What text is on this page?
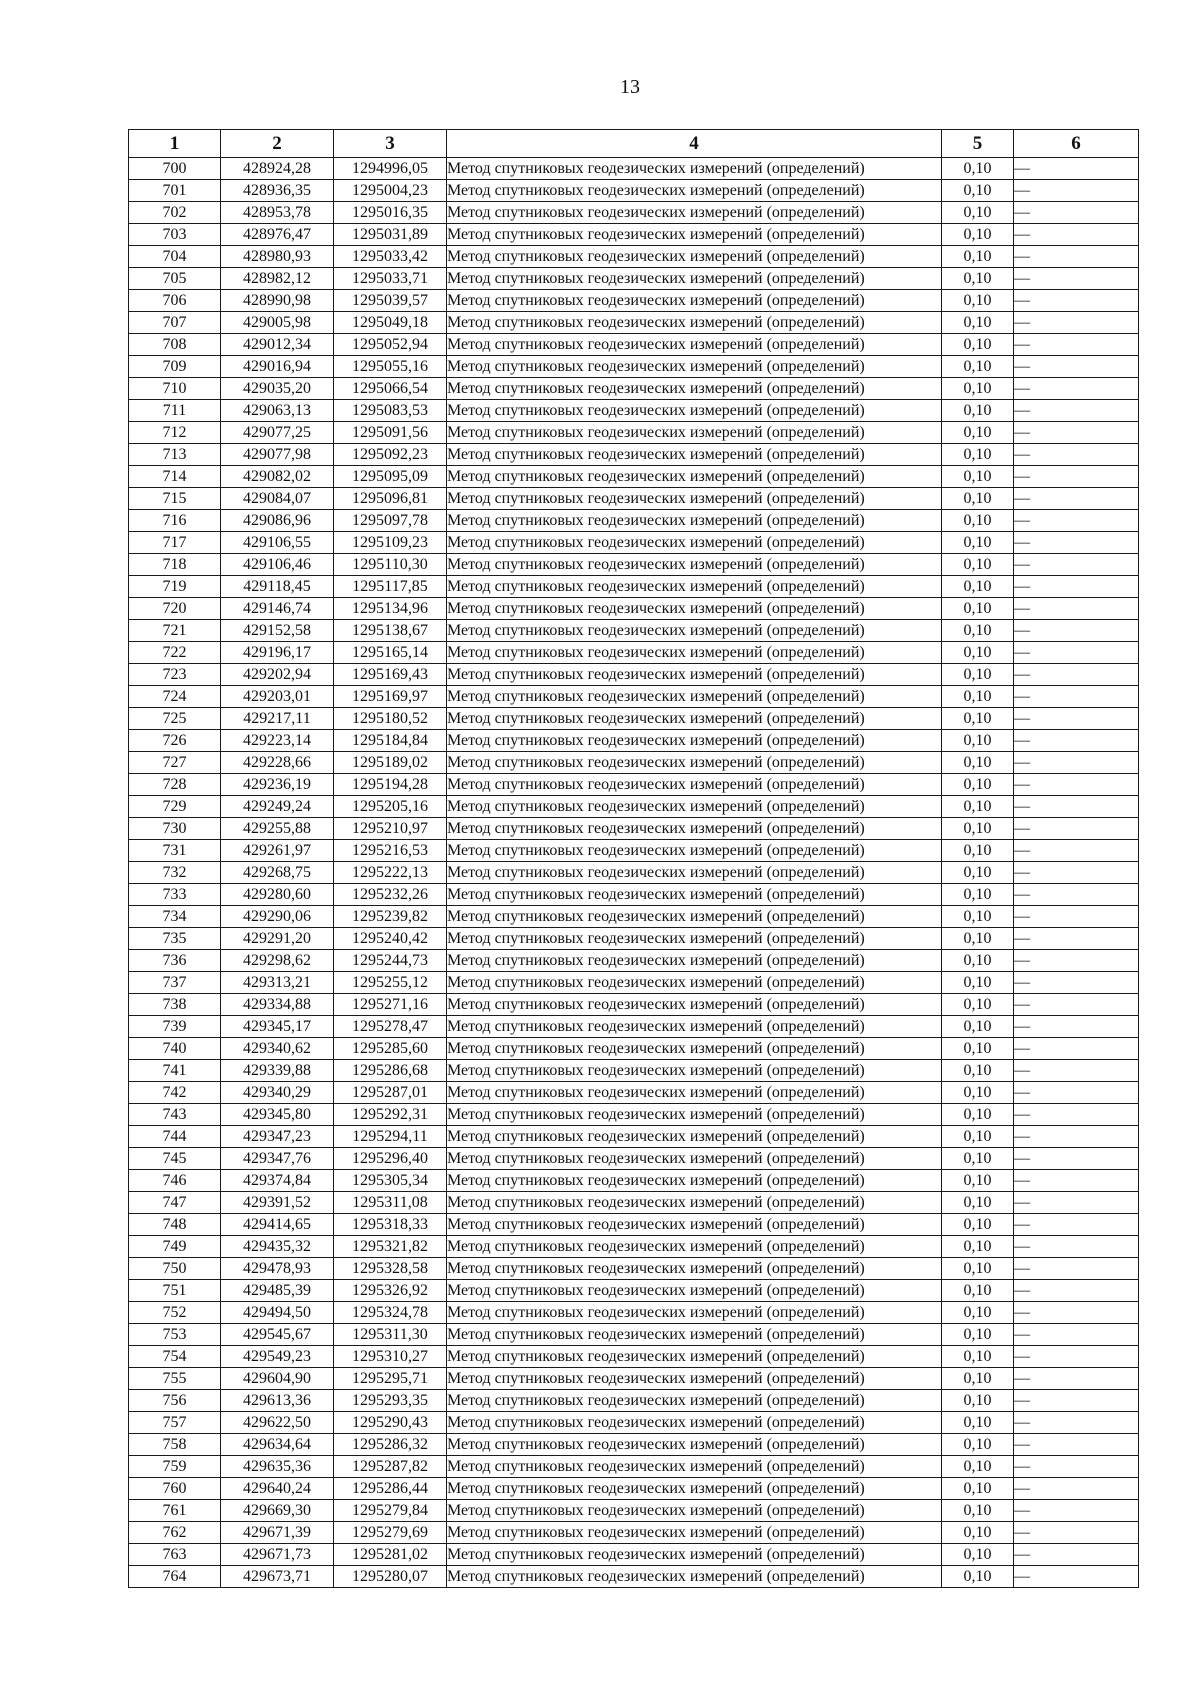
13
1	2	3	4	5	6
700	428924,28	1294996,05	Метод спутниковых геодезических измерений (определений)	0,10	—
701	428936,35	1295004,23	Метод спутниковых геодезических измерений (определений)	0,10	—
702	428953,78	1295016,35	Метод спутниковых геодезических измерений (определений)	0,10	—
703	428976,47	1295031,89	Метод спутниковых геодезических измерений (определений)	0,10	—
704	428980,93	1295033,42	Метод спутниковых геодезических измерений (определений)	0,10	—
705	428982,12	1295033,71	Метод спутниковых геодезических измерений (определений)	0,10	—
706	428990,98	1295039,57	Метод спутниковых геодезических измерений (определений)	0,10	—
707	429005,98	1295049,18	Метод спутниковых геодезических измерений (определений)	0,10	—
708	429012,34	1295052,94	Метод спутниковых геодезических измерений (определений)	0,10	—
709	429016,94	1295055,16	Метод спутниковых геодезических измерений (определений)	0,10	—
710	429035,20	1295066,54	Метод спутниковых геодезических измерений (определений)	0,10	—
711	429063,13	1295083,53	Метод спутниковых геодезических измерений (определений)	0,10	—
712	429077,25	1295091,56	Метод спутниковых геодезических измерений (определений)	0,10	—
713	429077,98	1295092,23	Метод спутниковых геодезических измерений (определений)	0,10	—
714	429082,02	1295095,09	Метод спутниковых геодезических измерений (определений)	0,10	—
715	429084,07	1295096,81	Метод спутниковых геодезических измерений (определений)	0,10	—
716	429086,96	1295097,78	Метод спутниковых геодезических измерений (определений)	0,10	—
717	429106,55	1295109,23	Метод спутниковых геодезических измерений (определений)	0,10	—
718	429106,46	1295110,30	Метод спутниковых геодезических измерений (определений)	0,10	—
719	429118,45	1295117,85	Метод спутниковых геодезических измерений (определений)	0,10	—
720	429146,74	1295134,96	Метод спутниковых геодезических измерений (определений)	0,10	—
721	429152,58	1295138,67	Метод спутниковых геодезических измерений (определений)	0,10	—
722	429196,17	1295165,14	Метод спутниковых геодезических измерений (определений)	0,10	—
723	429202,94	1295169,43	Метод спутниковых геодезических измерений (определений)	0,10	—
724	429203,01	1295169,97	Метод спутниковых геодезических измерений (определений)	0,10	—
725	429217,11	1295180,52	Метод спутниковых геодезических измерений (определений)	0,10	—
726	429223,14	1295184,84	Метод спутниковых геодезических измерений (определений)	0,10	—
727	429228,66	1295189,02	Метод спутниковых геодезических измерений (определений)	0,10	—
728	429236,19	1295194,28	Метод спутниковых геодезических измерений (определений)	0,10	—
729	429249,24	1295205,16	Метод спутниковых геодезических измерений (определений)	0,10	—
730	429255,88	1295210,97	Метод спутниковых геодезических измерений (определений)	0,10	—
731	429261,97	1295216,53	Метод спутниковых геодезических измерений (определений)	0,10	—
732	429268,75	1295222,13	Метод спутниковых геодезических измерений (определений)	0,10	—
733	429280,60	1295232,26	Метод спутниковых геодезических измерений (определений)	0,10	—
734	429290,06	1295239,82	Метод спутниковых геодезических измерений (определений)	0,10	—
735	429291,20	1295240,42	Метод спутниковых геодезических измерений (определений)	0,10	—
736	429298,62	1295244,73	Метод спутниковых геодезических измерений (определений)	0,10	—
737	429313,21	1295255,12	Метод спутниковых геодезических измерений (определений)	0,10	—
738	429334,88	1295271,16	Метод спутниковых геодезических измерений (определений)	0,10	—
739	429345,17	1295278,47	Метод спутниковых геодезических измерений (определений)	0,10	—
740	429340,62	1295285,60	Метод спутниковых геодезических измерений (определений)	0,10	—
741	429339,88	1295286,68	Метод спутниковых геодезических измерений (определений)	0,10	—
742	429340,29	1295287,01	Метод спутниковых геодезических измерений (определений)	0,10	—
743	429345,80	1295292,31	Метод спутниковых геодезических измерений (определений)	0,10	—
744	429347,23	1295294,11	Метод спутниковых геодезических измерений (определений)	0,10	—
745	429347,76	1295296,40	Метод спутниковых геодезических измерений (определений)	0,10	—
746	429374,84	1295305,34	Метод спутниковых геодезических измерений (определений)	0,10	—
747	429391,52	1295311,08	Метод спутниковых геодезических измерений (определений)	0,10	—
748	429414,65	1295318,33	Метод спутниковых геодезических измерений (определений)	0,10	—
749	429435,32	1295321,82	Метод спутниковых геодезических измерений (определений)	0,10	—
750	429478,93	1295328,58	Метод спутниковых геодезических измерений (определений)	0,10	—
751	429485,39	1295326,92	Метод спутниковых геодезических измерений (определений)	0,10	—
752	429494,50	1295324,78	Метод спутниковых геодезических измерений (определений)	0,10	—
753	429545,67	1295311,30	Метод спутниковых геодезических измерений (определений)	0,10	—
754	429549,23	1295310,27	Метод спутниковых геодезических измерений (определений)	0,10	—
755	429604,90	1295295,71	Метод спутниковых геодезических измерений (определений)	0,10	—
756	429613,36	1295293,35	Метод спутниковых геодезических измерений (определений)	0,10	—
757	429622,50	1295290,43	Метод спутниковых геодезических измерений (определений)	0,10	—
758	429634,64	1295286,32	Метод спутниковых геодезических измерений (определений)	0,10	—
759	429635,36	1295287,82	Метод спутниковых геодезических измерений (определений)	0,10	—
760	429640,24	1295286,44	Метод спутниковых геодезических измерений (определений)	0,10	—
761	429669,30	1295279,84	Метод спутниковых геодезических измерений (определений)	0,10	—
762	429671,39	1295279,69	Метод спутниковых геодезических измерений (определений)	0,10	—
763	429671,73	1295281,02	Метод спутниковых геодезических измерений (определений)	0,10	—
764	429673,71	1295280,07	Метод спутниковых геодезических измерений (определений)	0,10	—
